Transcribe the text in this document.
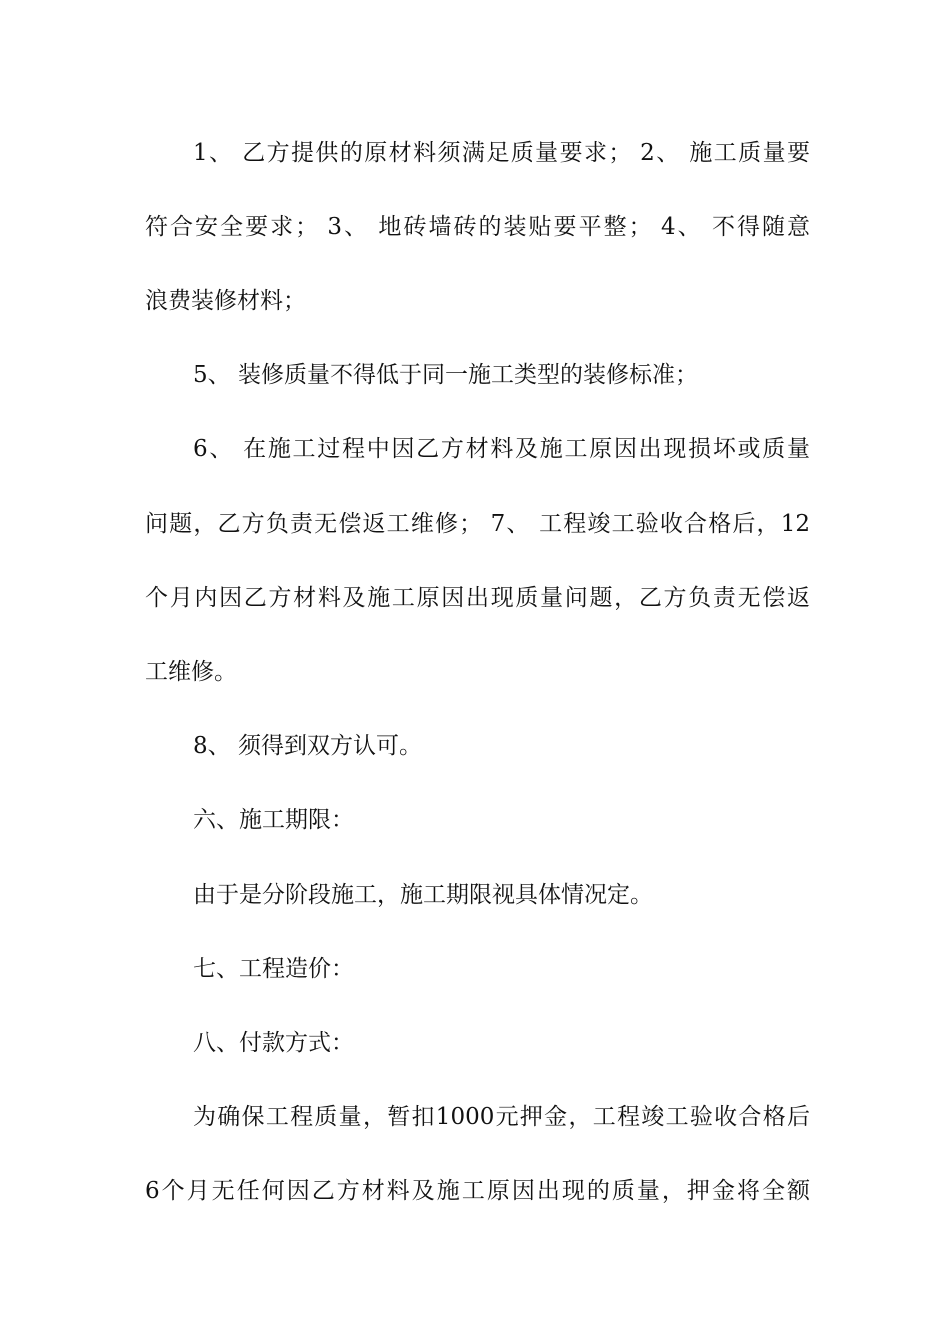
1、 乙方提供的原材料须满足质量要求； 2、 施工质量要
符合安全要求； 3、 地砖墙砖的装贴要平整； 4、 不得随意
浪费装修材料；
5、 装修质量不得低于同一施工类型的装修标准；
6、 在施工过程中因乙方材料及施工原因出现损坏或质量
问题，乙方负责无偿返工维修； 7、 工程竣工验收合格后，12
个月内因乙方材料及施工原因出现质量问题，乙方负责无偿返
工维修。
8、 须得到双方认可。
六、施工期限：
由于是分阶段施工，施工期限视具体情况定。
七、工程造价：
八、付款方式：
为确保工程质量，暂扣1000元押金，工程竣工验收合格后
6个月无任何因乙方材料及施工原因出现的质量，押金将全额
